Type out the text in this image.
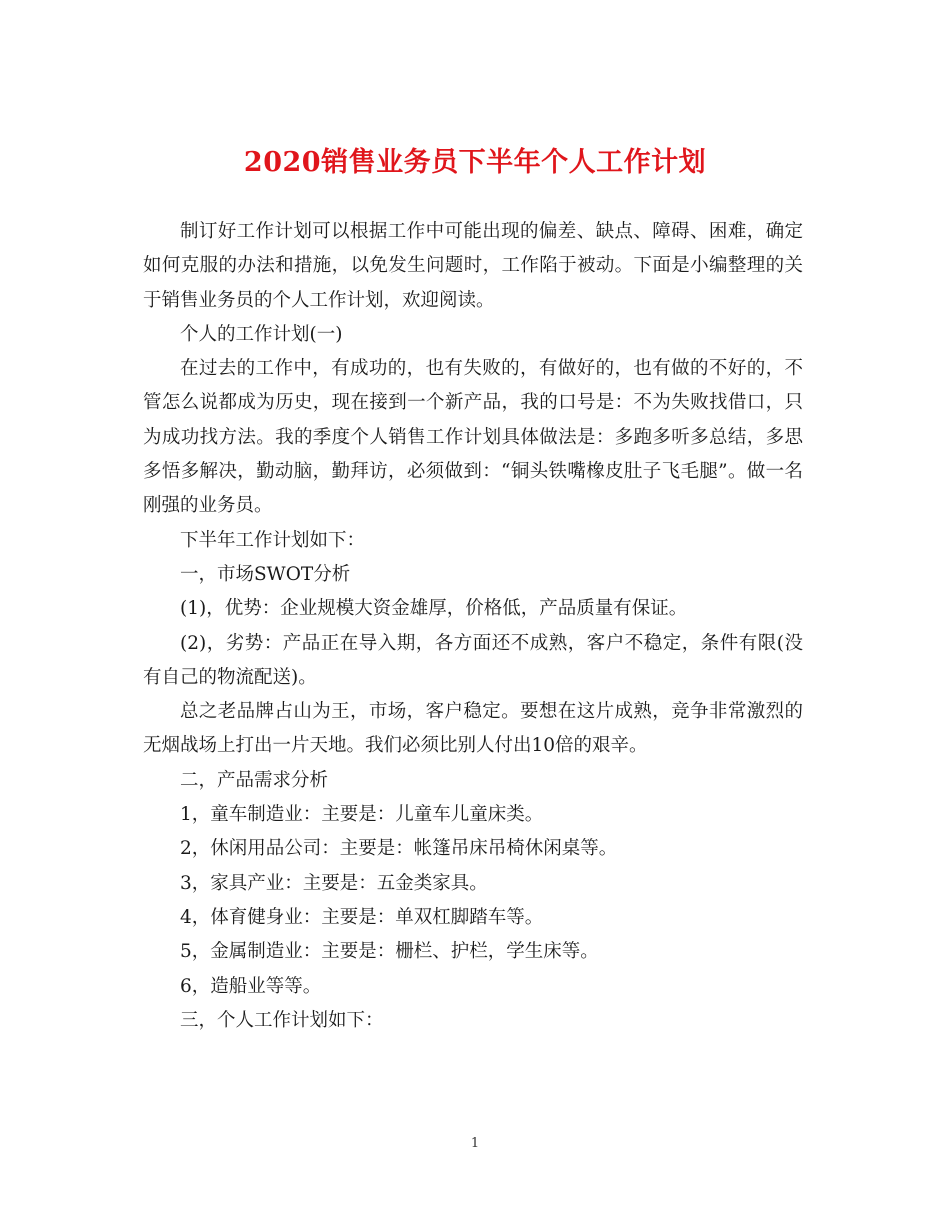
2020销售业务员下半年个人工作计划

制订好工作计划可以根据工作中可能出现的偏差、缺点、障碍、困难，确定如何克服的办法和措施，以免发生问题时，工作陷于被动。下面是小编整理的关于销售业务员的个人工作计划，欢迎阅读。

个人的工作计划(一)

在过去的工作中，有成功的，也有失败的，有做好的，也有做的不好的，不管怎么说都成为历史，现在接到一个新产品，我的口号是：不为失败找借口，只为成功找方法。我的季度个人销售工作计划具体做法是：多跑多听多总结，多思多悟多解决，勤动脑，勤拜访，必须做到：“铜头铁嘴橡皮肚子飞毛腿”。做一名刚强的业务员。

下半年工作计划如下：

一，市场SWOT分析

(1)，优势：企业规模大资金雄厚，价格低，产品质量有保证。

(2)，劣势：产品正在导入期，各方面还不成熟，客户不稳定，条件有限(没有自己的物流配送)。

总之老品牌占山为王，市场，客户稳定。要想在这片成熟，竞争非常激烈的无烟战场上打出一片天地。我们必须比别人付出10倍的艰辛。

二，产品需求分析

1，童车制造业：主要是：儿童车儿童床类。

2，休闲用品公司：主要是：帐篷吊床吊椅休闲桌等。

3，家具产业：主要是：五金类家具。

4，体育健身业：主要是：单双杠脚踏车等。

5，金属制造业：主要是：栅栏、护栏，学生床等。

6，造船业等等。

三，个人工作计划如下：

1
